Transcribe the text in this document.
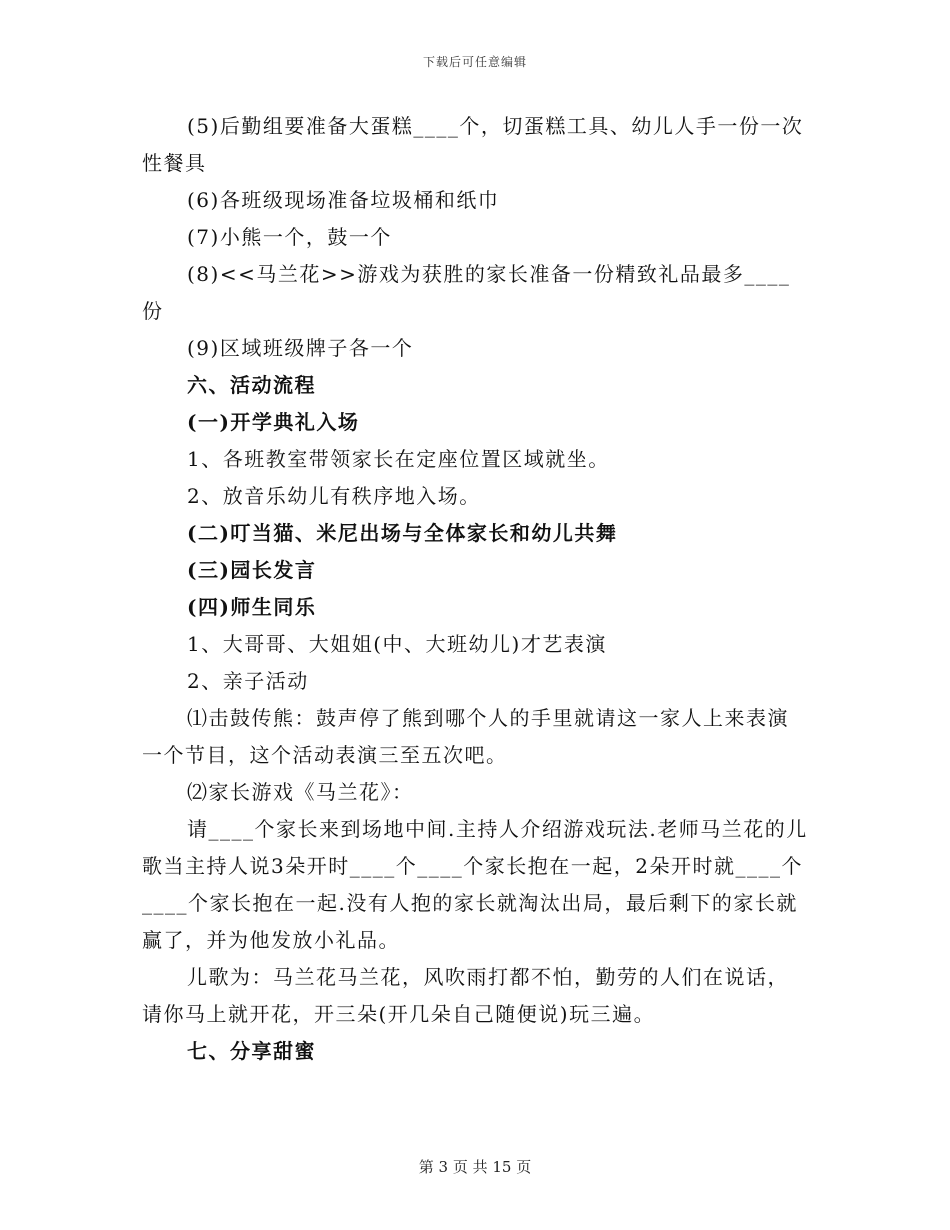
下载后可任意编辑

(5)后勤组要准备大蛋糕____个，切蛋糕工具、幼儿人手一份一次性餐具

(6)各班级现场准备垃圾桶和纸巾

(7)小熊一个，鼓一个

(8)<<马兰花>>游戏为获胜的家长准备一份精致礼品最多____份

(9)区域班级牌子各一个

六、活动流程

(一)开学典礼入场

1、各班教室带领家长在定座位置区域就坐。

2、放音乐幼儿有秩序地入场。

(二)叮当猫、米尼出场与全体家长和幼儿共舞

(三)园长发言

(四)师生同乐

1、大哥哥、大姐姐(中、大班幼儿)才艺表演

2、亲子活动

⑴击鼓传熊：鼓声停了熊到哪个人的手里就请这一家人上来表演一个节目，这个活动表演三至五次吧。

⑵家长游戏《马兰花》：

请____个家长来到场地中间.主持人介绍游戏玩法.老师马兰花的儿歌当主持人说3朵开时____个____个家长抱在一起，2朵开时就____个____个家长抱在一起.没有人抱的家长就淘汰出局，最后剩下的家长就赢了，并为他发放小礼品。

儿歌为：马兰花马兰花，风吹雨打都不怕，勤劳的人们在说话，请你马上就开花，开三朵(开几朵自己随便说)玩三遍。

七、分享甜蜜

第 3 页 共 15 页
